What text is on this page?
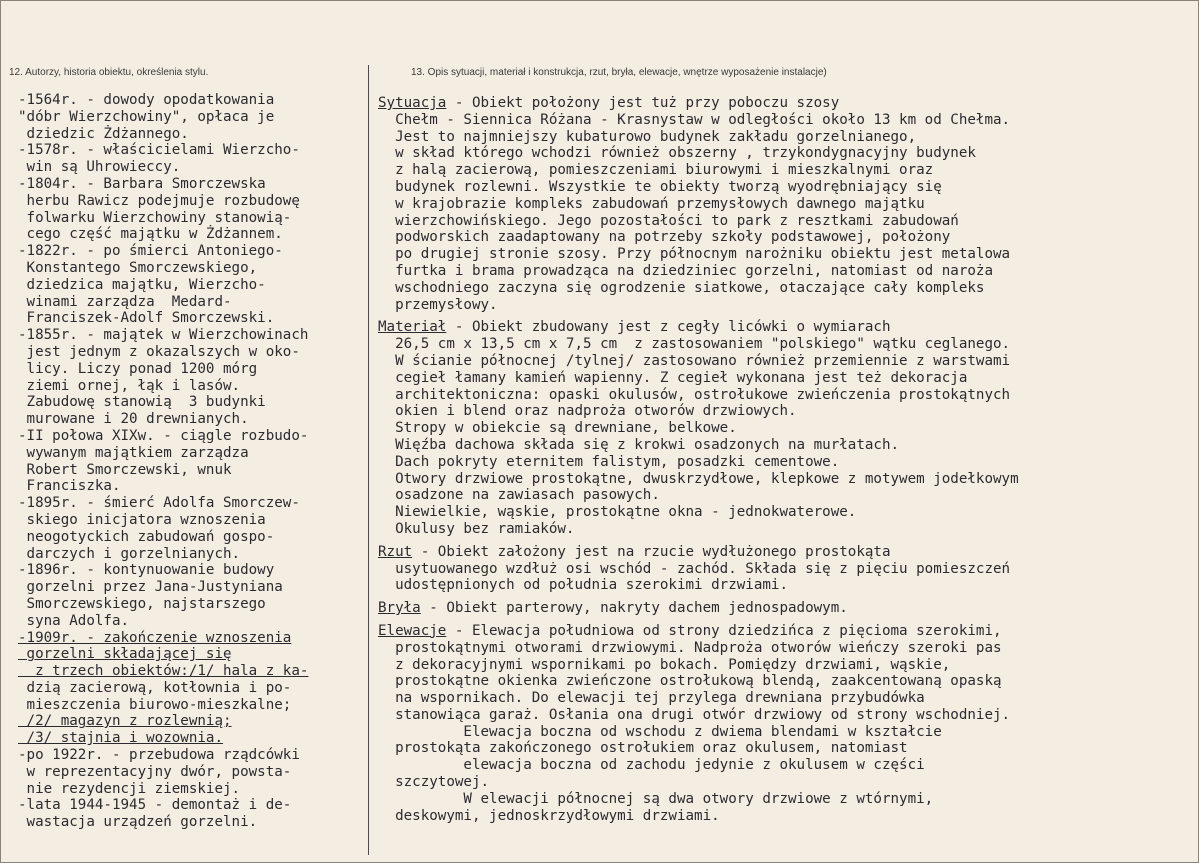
12. Autorzy, historia obiektu, określenia stylu.	13. Opis sytuacji, materiał i konstrukcja, rzut, bryła, elewacje, wnętrze wyposażenie instalacje)
-1564r. - dowody opodatkowania
"dóbr Wierzchowiny", opłaca je
dziedzic Żdżannego.
-1578r. - właścicielami Wierzcho-
win są Uhrowieccy.
-1804r. - Barbara Smorczewska
herbu Rawicz podejmuje rozbudowę
folwarku Wierzchowiny stanowią-
cego część majątku w Żdżannem.
-1822r. - po śmierci Antoniego-
Konstantego Smorczewskiego,
dziedzica majątku, Wierzcho-
winami zarządza  Medard-
Franciszek-Adolf Smorczewski.
-1855r. - majątek w Wierzchowinach
jest jednym z okazalszych w oko-
licy. Liczy ponad 1200 mórg
ziemi ornej, łąk i lasów.
Zabudowę stanowią  3 budynki
murowane i 20 drewnianych.
-II połowa XIXw. - ciągle rozbudo-
wywanym majątkiem zarządza
Robert Smorczewski, wnuk
Franciszka.
-1895r. - śmierć Adolfa Smorczew-
skiego inicjatora wznoszenia
neogotyckich zabudowań gospo-
darczych i gorzelnianych.
-1896r. - kontynuowanie budowy
gorzelni przez Jana-Justyniana
Smorczewskiego, najstarszego
syna Adolfa.
-1909r. - zakończenie wznoszenia
gorzelni składającej się
z trzech obiektów:/1/ hala z ka-
dzią zacierową, kotłownia i po-
mieszczenia biurowo-mieszkalne;
/2/ magazyn z rozlewnią;
/3/ stajnia i wozownia.
-po 1922r. - przebudowa rządcówki
w reprezentacyjny dwór, powsta-
nie rezydencji ziemskiej.
-lata 1944-1945 - demontaż i de-
wastacja urządzeń gorzelni.
Sytuacja - Obiekt położony jest tuż przy poboczu szosy
Chełm - Siennica Różana - Krasnystaw w odległości około 13 km od Chełma.
Jest to najmniejszy kubaturowo budynek zakładu gorzelnianego,
w skład którego wchodzi również obszerny , trzykondygnacyjny budynek
z halą zacierową, pomieszczeniami biurowymi i mieszkalnymi oraz
budynek rozlewni. Wszystkie te obiekty tworzą wyodrębniający się
w krajobrazie kompleks zabudowań przemysłowych dawnego majątku
wierzchowińskiego. Jego pozostałości to park z resztkami zabudowań
podworskich zaadaptowany na potrzeby szkoły podstawowej, położony
po drugiej stronie szosy. Przy północnym narożniku obiektu jest metalowa
furtka i brama prowadząca na dziedziniec gorzelni, natomiast od naroża
wschodniego zaczyna się ogrodzenie siatkowe, otaczające cały kompleks
przemysłowy.
Materiał - Obiekt zbudowany jest z cegły licówki o wymiarach
26,5 cm x 13,5 cm x 7,5 cm  z zastosowaniem "polskiego" wątku ceglanego.
W ścianie północnej /tylnej/ zastosowano również przemiennie z warstwami
cegieł łamany kamień wapienny. Z cegieł wykonana jest też dekoracja
architektoniczna: opaski okulusów, ostrołukowe zwieńczenia prostokątnych
okien i blend oraz nadproża otworów drzwiowych.
Stropy w obiekcie są drewniane, belkowe.
Więźba dachowa składa się z krokwi osadzonych na murłatach.
Dach pokryty eternitem falistym, posadzki cementowe.
Otwory drzwiowe prostokątne, dwuskrzydłowe, klepkowe z motywem jodełkowym
osadzone na zawiasach pasowych.
Niewielkie, wąskie, prostokątne okna - jednokwaterowe.
Okulusy bez ramiaków.
Rzut - Obiekt założony jest na rzucie wydłużonego prostokąta
usytuowanego wzdłuż osi wschód - zachód. Składa się z pięciu pomieszczeń
udostępnionych od południa szerokimi drzwiami.
Bryła - Obiekt parterowy, nakryty dachem jednospadowym.
Elewacje - Elewacja południowa od strony dziedzińca z pięcioma szerokimi,
prostokątnymi otworami drzwiowymi. Nadproża otworów wieńczy szeroki pas
z dekoracyjnymi wspornikami po bokach. Pomiędzy drzwiami, wąskie,
prostokątne okienka zwieńczone ostrołukową blendą, zaakcentowaną opaską
na wspornikach. Do elewacji tej przylega drewniana przybudówka
stanowiąca garaż. Osłania ona drugi otwór drzwiowy od strony wschodniej.
Elewacja boczna od wschodu z dwiema blendami w kształcie
prostokąta zakończonego ostrołukiem oraz okulusem, natomiast
elewacja boczna od zachodu jedynie z okulusem w części
szczytowej.
W elewacji północnej są dwa otwory drzwiowe z wtórnymi,
deskowymi, jednoskrzydłowymi drzwiami.
